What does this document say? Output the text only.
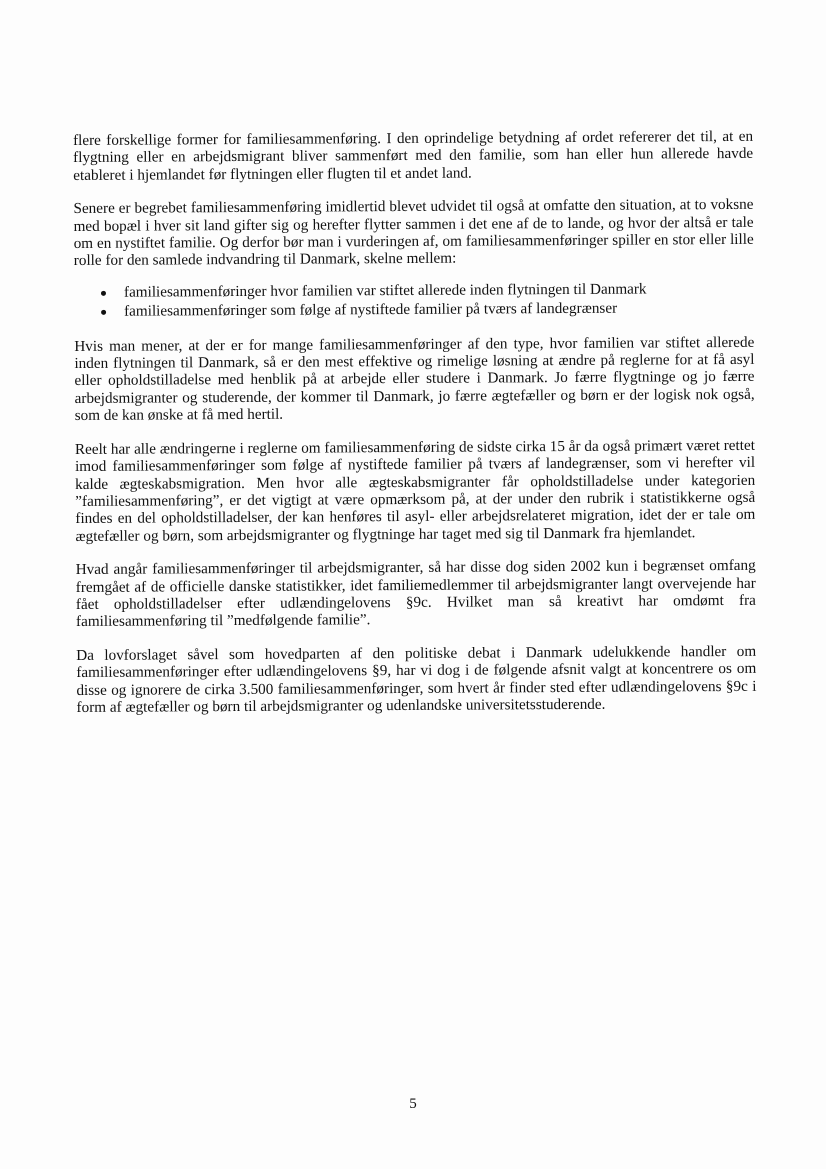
flere forskellige former for familiesammenføring. I den oprindelige betydning af ordet refererer det til, at en flygtning eller en arbejdsmigrant bliver sammenført med den familie, som han eller hun allerede havde etableret i hjemlandet før flytningen eller flugten til et andet land.

Senere er begrebet familiesammenføring imidlertid blevet udvidet til også at omfatte den situation, at to voksne med bopæl i hver sit land gifter sig og herefter flytter sammen i det ene af de to lande, og hvor der altså er tale om en nystiftet familie. Og derfor bør man i vurderingen af, om familiesammenføringer spiller en stor eller lille rolle for den samlede indvandring til Danmark, skelne mellem:

familiesammenføringer hvor familien var stiftet allerede inden flytningen til Danmark
familiesammenføringer som følge af nystiftede familier på tværs af landegrænser

Hvis man mener, at der er for mange familiesammenføringer af den type, hvor familien var stiftet allerede inden flytningen til Danmark, så er den mest effektive og rimelige løsning at ændre på reglerne for at få asyl eller opholdstilladelse med henblik på at arbejde eller studere i Danmark. Jo færre flygtninge og jo færre arbejdsmigranter og studerende, der kommer til Danmark, jo færre ægtefæller og børn er der logisk nok også, som de kan ønske at få med hertil.

Reelt har alle ændringerne i reglerne om familiesammenføring de sidste cirka 15 år da også primært været rettet imod familiesammenføringer som følge af nystiftede familier på tværs af landegrænser, som vi herefter vil kalde ægteskabsmigration. Men hvor alle ægteskabsmigranter får opholdstilladelse under kategorien ”familiesammenføring”, er det vigtigt at være opmærksom på, at der under den rubrik i statistikkerne også findes en del opholdstilladelser, der kan henføres til asyl- eller arbejdsrelateret migration, idet der er tale om ægtefæller og børn, som arbejdsmigranter og flygtninge har taget med sig til Danmark fra hjemlandet.

Hvad angår familiesammenføringer til arbejdsmigranter, så har disse dog siden 2002 kun i begrænset omfang fremgået af de officielle danske statistikker, idet familiemedlemmer til arbejdsmigranter langt overvejende har fået opholdstilladelser efter udlændingelovens §9c. Hvilket man så kreativt har omdømt fra familiesammenføring til ”medfølgende familie”.

Da lovforslaget såvel som hovedparten af den politiske debat i Danmark udelukkende handler om familiesammenføringer efter udlændingelovens §9, har vi dog i de følgende afsnit valgt at koncentrere os om disse og ignorere de cirka 3.500 familiesammenføringer, som hvert år finder sted efter udlændingelovens §9c i form af ægtefæller og børn til arbejdsmigranter og udenlandske universitetsstuderende.

5
